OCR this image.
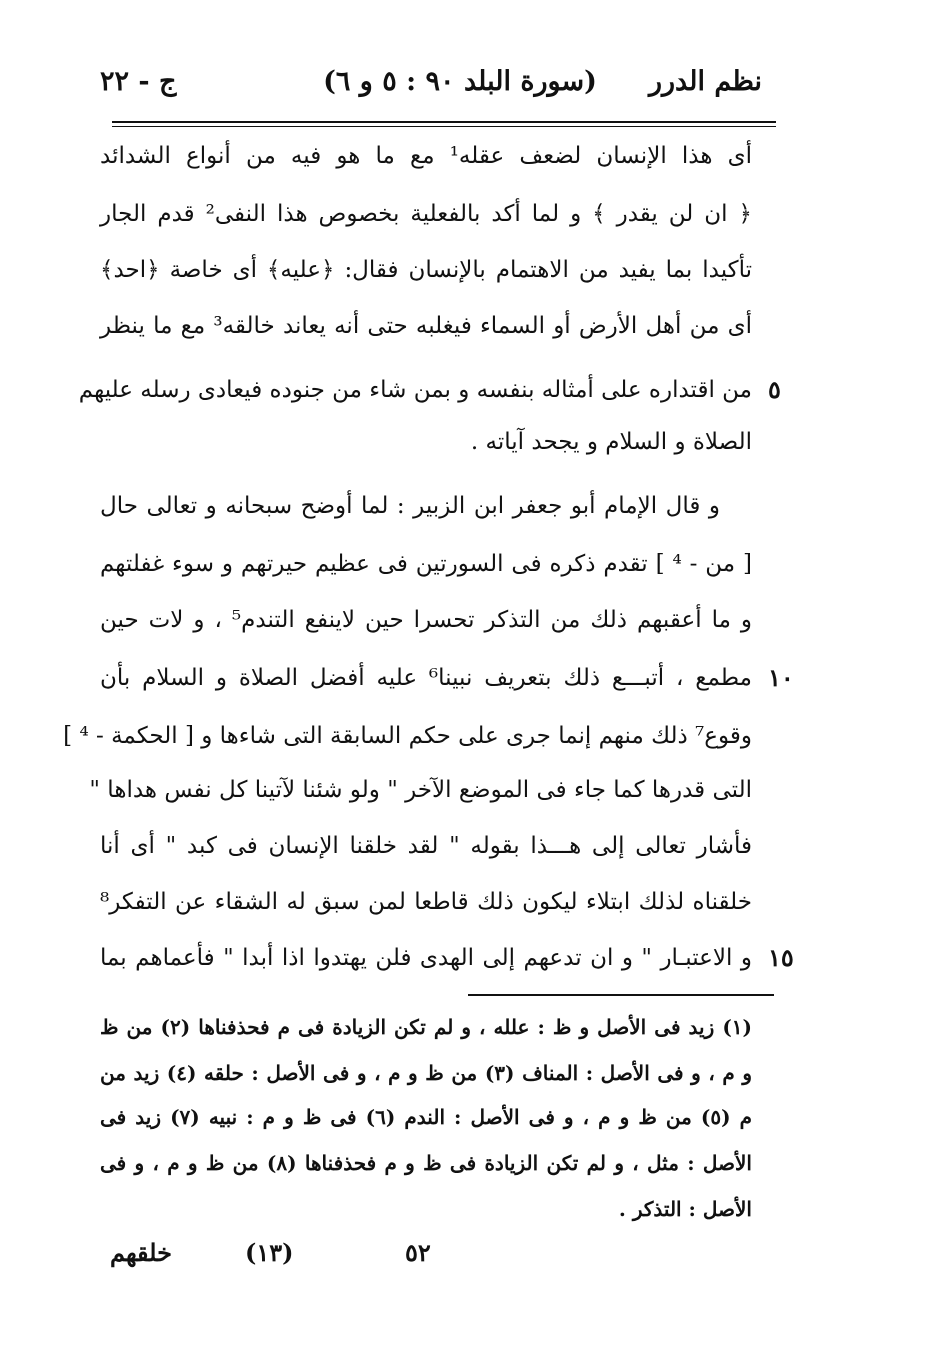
نظم الدرر
(سورة البلد ٩٠ : ٥ و ٦)
ج - ٢٢
أى هذا الإنسان لضعف عقله¹ مع ما هو فيه من أنواع الشدائد
﴿ ان لن يقدر ﴾ و لما أكد بالفعلية بخصوص هذا النفى² قدم الجار
تأكيدا بما يفيد من الاهتمام بالإنسان فقال: ﴿عليه﴾ أى خاصة ﴿احد﴾
أى من أهل الأرض أو السماء فيغلبه حتى أنه يعاند خالقه³ مع ما ينظر
من اقتداره على أمثاله بنفسه و بمن شاء من جنوده فيعادى رسله عليهم
الصلاة و السلام و يجحد آياته .
و قال الإمام أبو جعفر ابن الزبير : لما أوضح سبحانه و تعالى حال
[ من - ⁴ ] تقدم ذكره فى السورتين فى عظيم حيرتهم و سوء غفلتهم
و ما أعقبهم ذلك من التذكر تحسرا حين لاينفع التندم⁵ ، و لات حين
مطمع ، أتبـــع ذلك بتعريف نبينا⁶ عليه أفضل الصلاة و السلام بأن
وقوع⁷ ذلك منهم إنما جرى على حكم السابقة التى شاءها و [ الحكمة - ⁴ ]
التى قدرها كما جاء فى الموضع الآخر " ولو شئنا لآتينا كل نفس هداها "
فأشار تعالى إلى هـــذا بقوله " لقد خلقنا الإنسان فى كبد " أى أنا
خلقناه لذلك ابتلاء ليكون ذلك قاطعا لمن سبق له الشقاء عن التفكر⁸
و الاعتبـار " و ان تدعهم إلى الهدى فلن يهتدوا اذا أبدا " فأعماهم بما
٥
١٠
١٥
(١) زيد فى الأصل و ظ : علله ، و لم تكن الزيادة فى م فحذفناها (٢) من ظ
و م ، و فى الأصل : المناف (٣) من ظ و م ، و فى الأصل : حلقه (٤) زيد من
م (٥) من ظ و م ، و فى الأصل : الندم (٦) فى ظ و م : نبيه (٧) زيد فى
الأصل : مثل ، و لم تكن الزيادة فى ظ و م فحذفناها (٨) من ظ و م ، و فى
الأصل : التذكر .
خلقهم	(١٣)	٥٢
